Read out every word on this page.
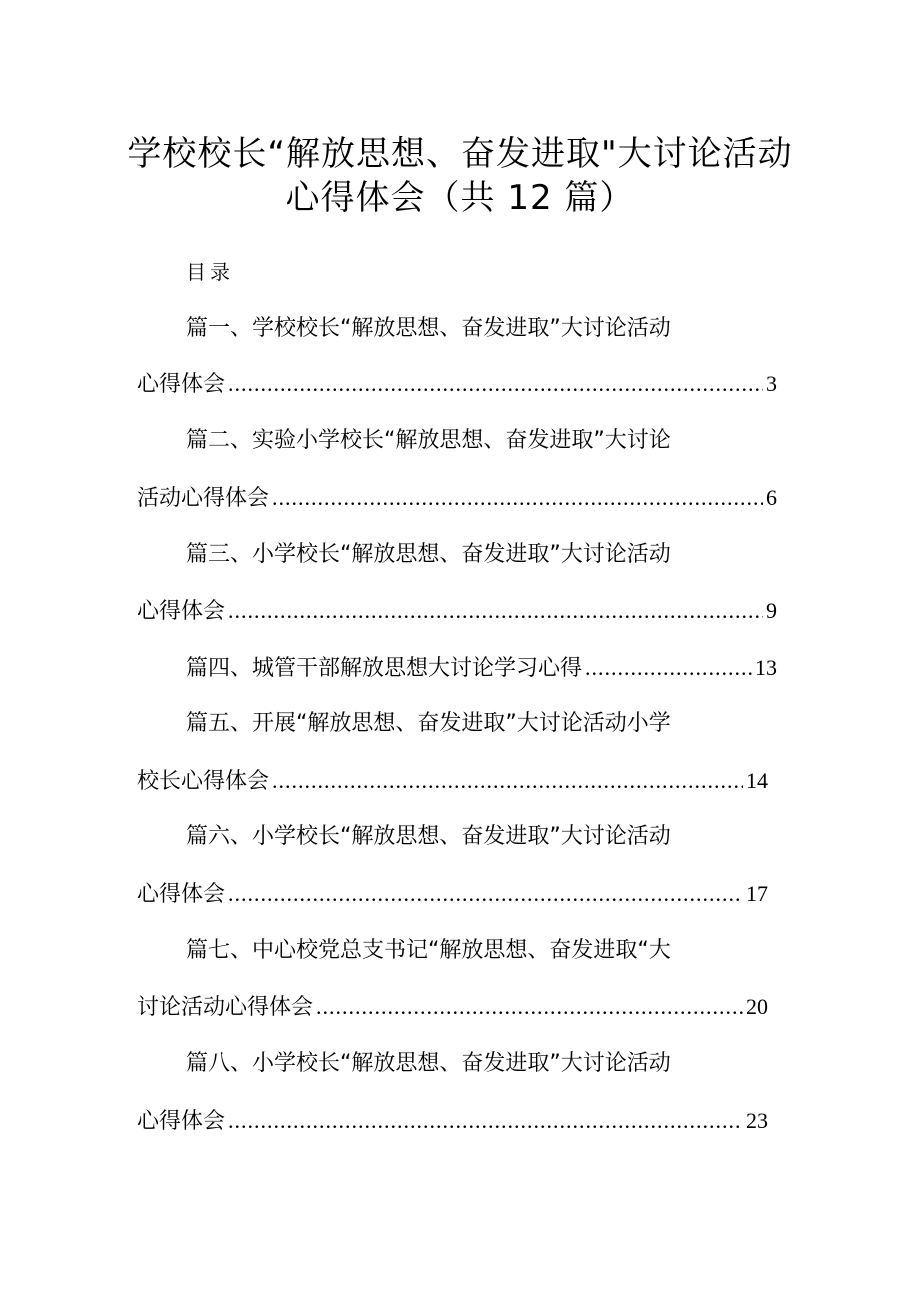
学校校长“解放思想、奋发进取"大讨论活动
心得体会（共 12 篇）
目录
篇一、学校校长“解放思想、奋发进取”大讨论活动
心得体会 .....	3
篇二、实验小学校长“解放思想、奋发进取”大讨论
活动心得体会 .....	6
篇三、小学校长“解放思想、奋发进取”大讨论活动
心得体会 .....	9
篇四、城管干部解放思想大讨论学习心得 .....	13
篇五、开展“解放思想、奋发进取”大讨论活动小学
校长心得体会 .....	14
篇六、小学校长“解放思想、奋发进取”大讨论活动
心得体会 .....	17
篇七、中心校党总支书记“解放思想、奋发进取“大
讨论活动心得体会 .....	20
篇八、小学校长“解放思想、奋发进取”大讨论活动
心得体会 .....	23
